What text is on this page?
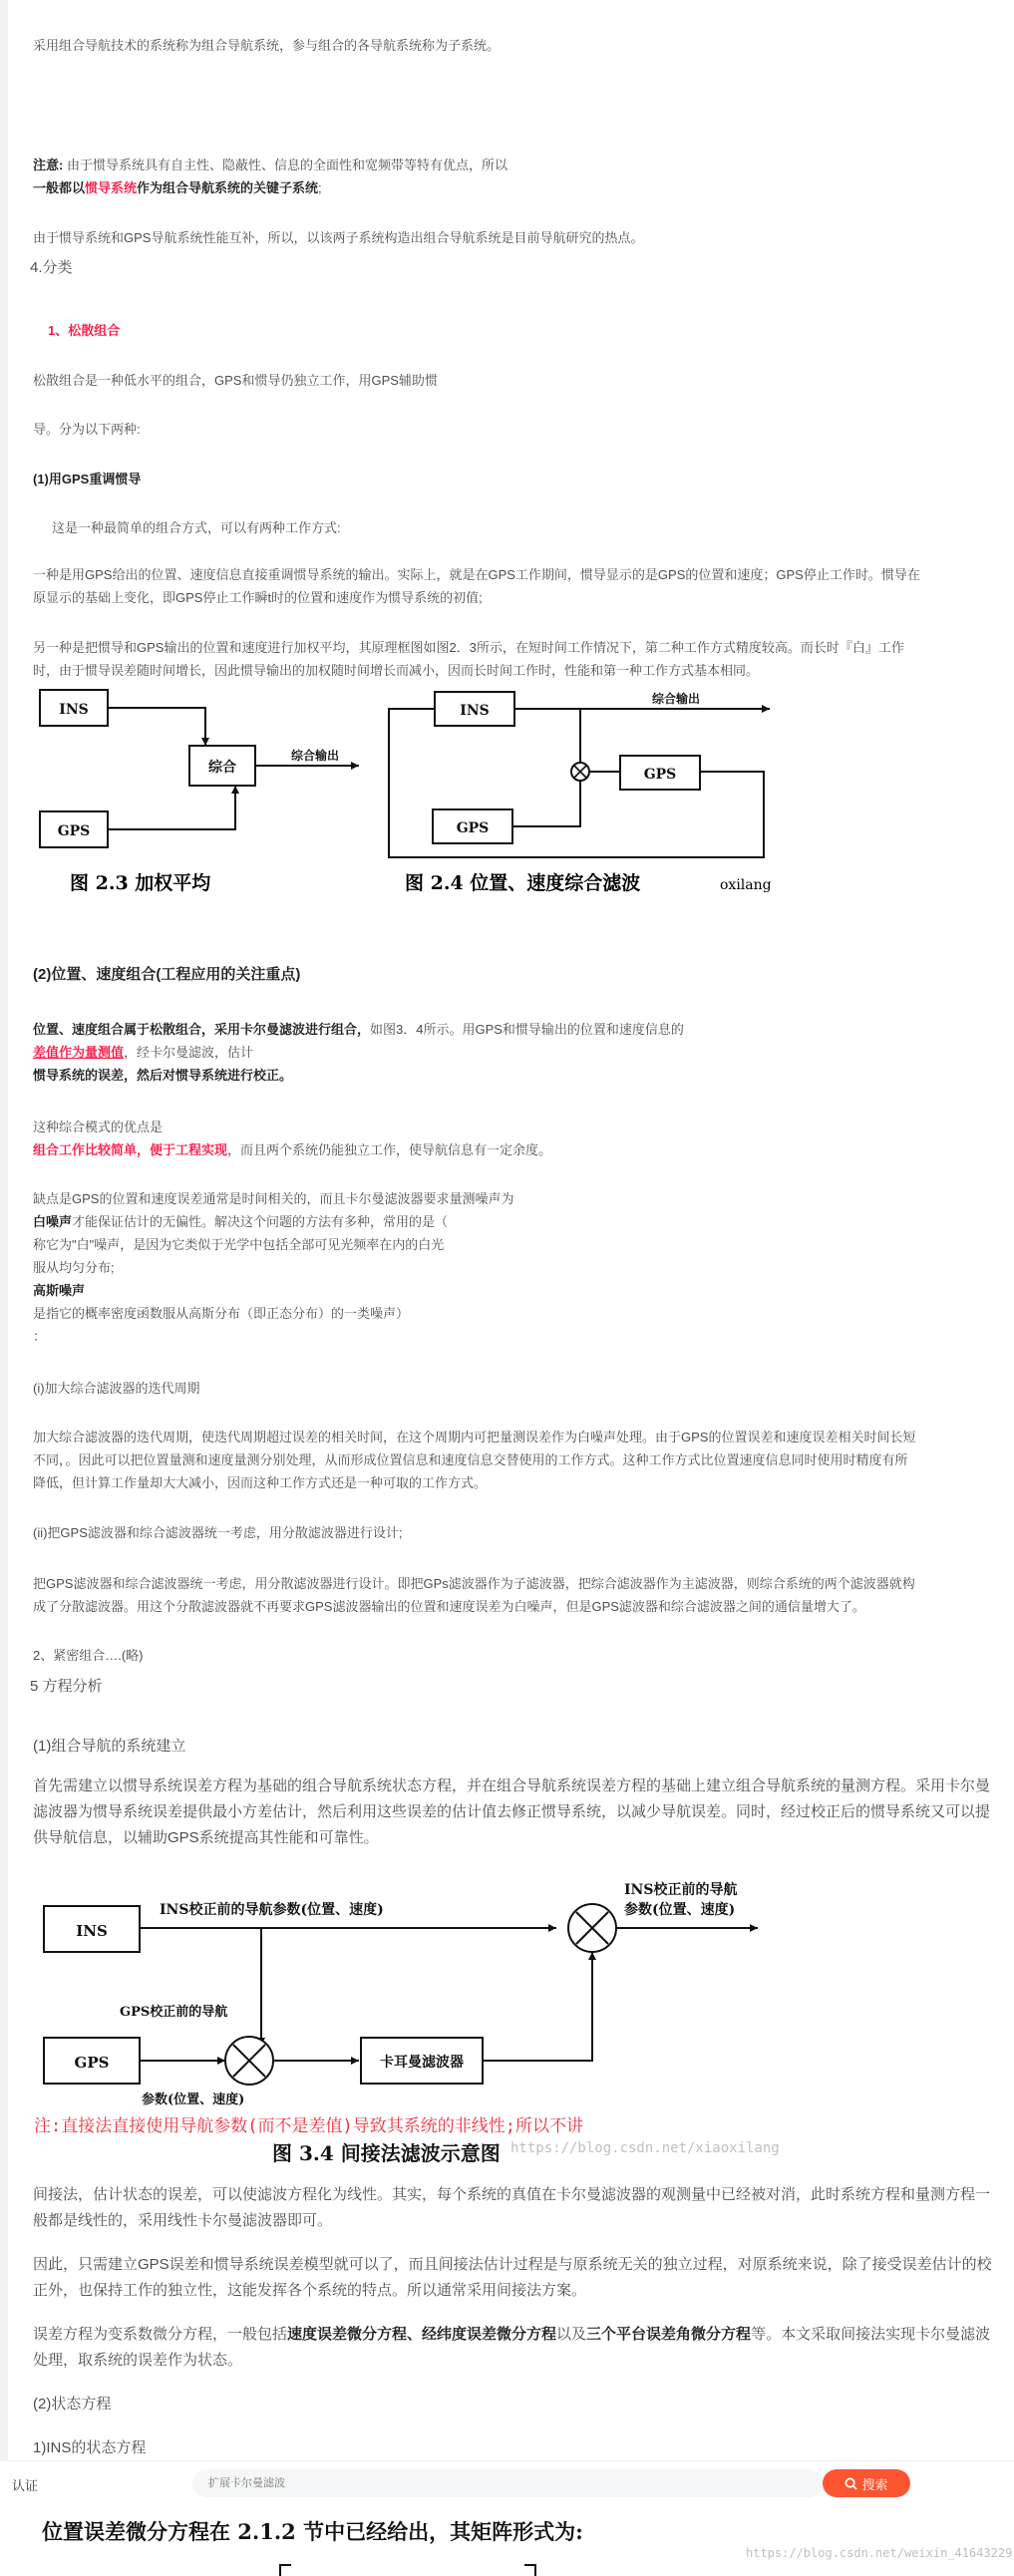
采用组合导航技术的系统称为组合导航系统，参与组合的各导航系统称为子系统。
注意: 由于惯导系统具有自主性、隐蔽性、信息的全面性和宽频带等特有优点，所以
一般都以惯导系统作为组合导航系统的关键子系统;
由于惯导系统和GPS导航系统性能互补，所以，以该两子系统构造出组合导航系统是目前导航研究的热点。
4.分类
1、松散组合
松散组合是一种低水平的组合，GPS和惯导仍独立工作，用GPS辅助惯
导。分为以下两种:
(1)用GPS重调惯导
这是一种最简单的组合方式，可以有两种工作方式:
一种是用GPS给出的位置、速度信息直接重调惯导系统的输出。实际上，就是在GPS工作期间，惯导显示的是GPS的位置和速度；GPS停止工作时。惯导在
原显示的基础上变化，即GPS停止工作瞬t时的位置和速度作为惯导系统的初值;
另一种是把惯导和GPS输出的位置和速度进行加权平均，其原理框图如图2．3所示，在短时间工作情况下，第二种工作方式精度较高。而长时『白』工作
时，由于惯导误差随时间增长，因此惯导输出的加权随时间增长而减小，因而长时间工作时，性能和第一种工作方式基本相同。
INS
GPS
综合
综合输出
图 2.3 加权平均
INS
综合输出
GPS
GPS
图 2.4 位置、速度综合滤波	oxilang
(2)位置、速度组合(工程应用的关注重点)
位置、速度组合属于松散组合，采用卡尔曼滤波进行组合，如图3．4所示。用GPS和惯导输出的位置和速度信息的
差值作为量测值，经卡尔曼滤波，估计
惯导系统的误差，然后对惯导系统进行校正。
这种综合模式的优点是
组合工作比较简单，便于工程实现，而且两个系统仍能独立工作，使导航信息有一定余度。
缺点是GPS的位置和速度误差通常是时间相关的，而且卡尔曼滤波器要求量测噪声为
白噪声才能保证估计的无偏性。解决这个问题的方法有多种，常用的是（
称它为"白"噪声，是因为它类似于光学中包括全部可见光频率在内的白光
服从均匀分布;
高斯噪声
是指它的概率密度函数服从高斯分布（即正态分布）的一类噪声）
：
(i)加大综合滤波器的迭代周期
加大综合滤波器的迭代周期，使迭代周期超过误差的相关时间，在这个周期内可把量测误差作为白噪声处理。由于GPS的位置误差和速度误差相关时间长短
不同，。因此可以把位置量测和速度量测分别处理，从而形成位置信息和速度信息交替使用的工作方式。这种工作方式比位置速度信息同时使用时精度有所
降低，但计算工作量却大大减小，因而这种工作方式还是一种可取的工作方式。
(ii)把GPS滤波器和综合滤波器统一考虑，用分散滤波器进行设计;
把GPS滤波器和综合滤波器统一考虑，用分散滤波器进行设计。即把GPs滤波器作为子滤波器，把综合滤波器作为主滤波器，则综合系统的两个滤波器就构
成了分散滤波器。用这个分散滤波器就不再要求GPS滤波器输出的位置和速度误差为白噪声，但是GPS滤波器和综合滤波器之间的通信量增大了。
2、紧密组合….(略)
5 方程分析
(1)组合导航的系统建立
首先需建立以惯导系统误差方程为基础的组合导航系统状态方程，并在组合导航系统误差方程的基础上建立组合导航系统的量测方程。采用卡尔曼滤波器为惯导系统误差提供最小方差估计，然后利用这些误差的估计值去修正惯导系统，以减少导航误差。同时，经过校正后的惯导系统又可以提供导航信息，以辅助GPS系统提高其性能和可靠性。
INS
INS校正前的导航参数(位置、速度)
INS校正前的导航
参数(位置、速度)
GPS校正前的导航
GPS
参数(位置、速度)
卡耳曼滤波器
注:直接法直接使用导航参数(而不是差值)导致其系统的非线性;所以不讲
图 3.4 间接法滤波示意图 https://blog.csdn.net/xiaoxilang
间接法，估计状态的误差，可以使滤波方程化为线性。其实，每个系统的真值在卡尔曼滤波器的观测量中已经被对消，此时系统方程和量测方程一般都是线性的，采用线性卡尔曼滤波器即可。
因此，只需建立GPS误差和惯导系统误差模型就可以了，而且间接法估计过程是与原系统无关的独立过程，对原系统来说，除了接受误差估计的校正外，也保持工作的独立性，这能发挥各个系统的特点。所以通常采用间接法方案。
误差方程为变系数微分方程，一般包括速度误差微分方程、经纬度误差微分方程以及三个平台误差角微分方程等。本文采取间接法实现卡尔曼滤波处理，取系统的误差作为状态。
(2)状态方程
1)INS的状态方程
认证
扩展卡尔曼滤波	搜索
位置误差微分方程在 2.1.2 节中已经给出，其矩阵形式为:
https://blog.csdn.net/weixin_41643229
